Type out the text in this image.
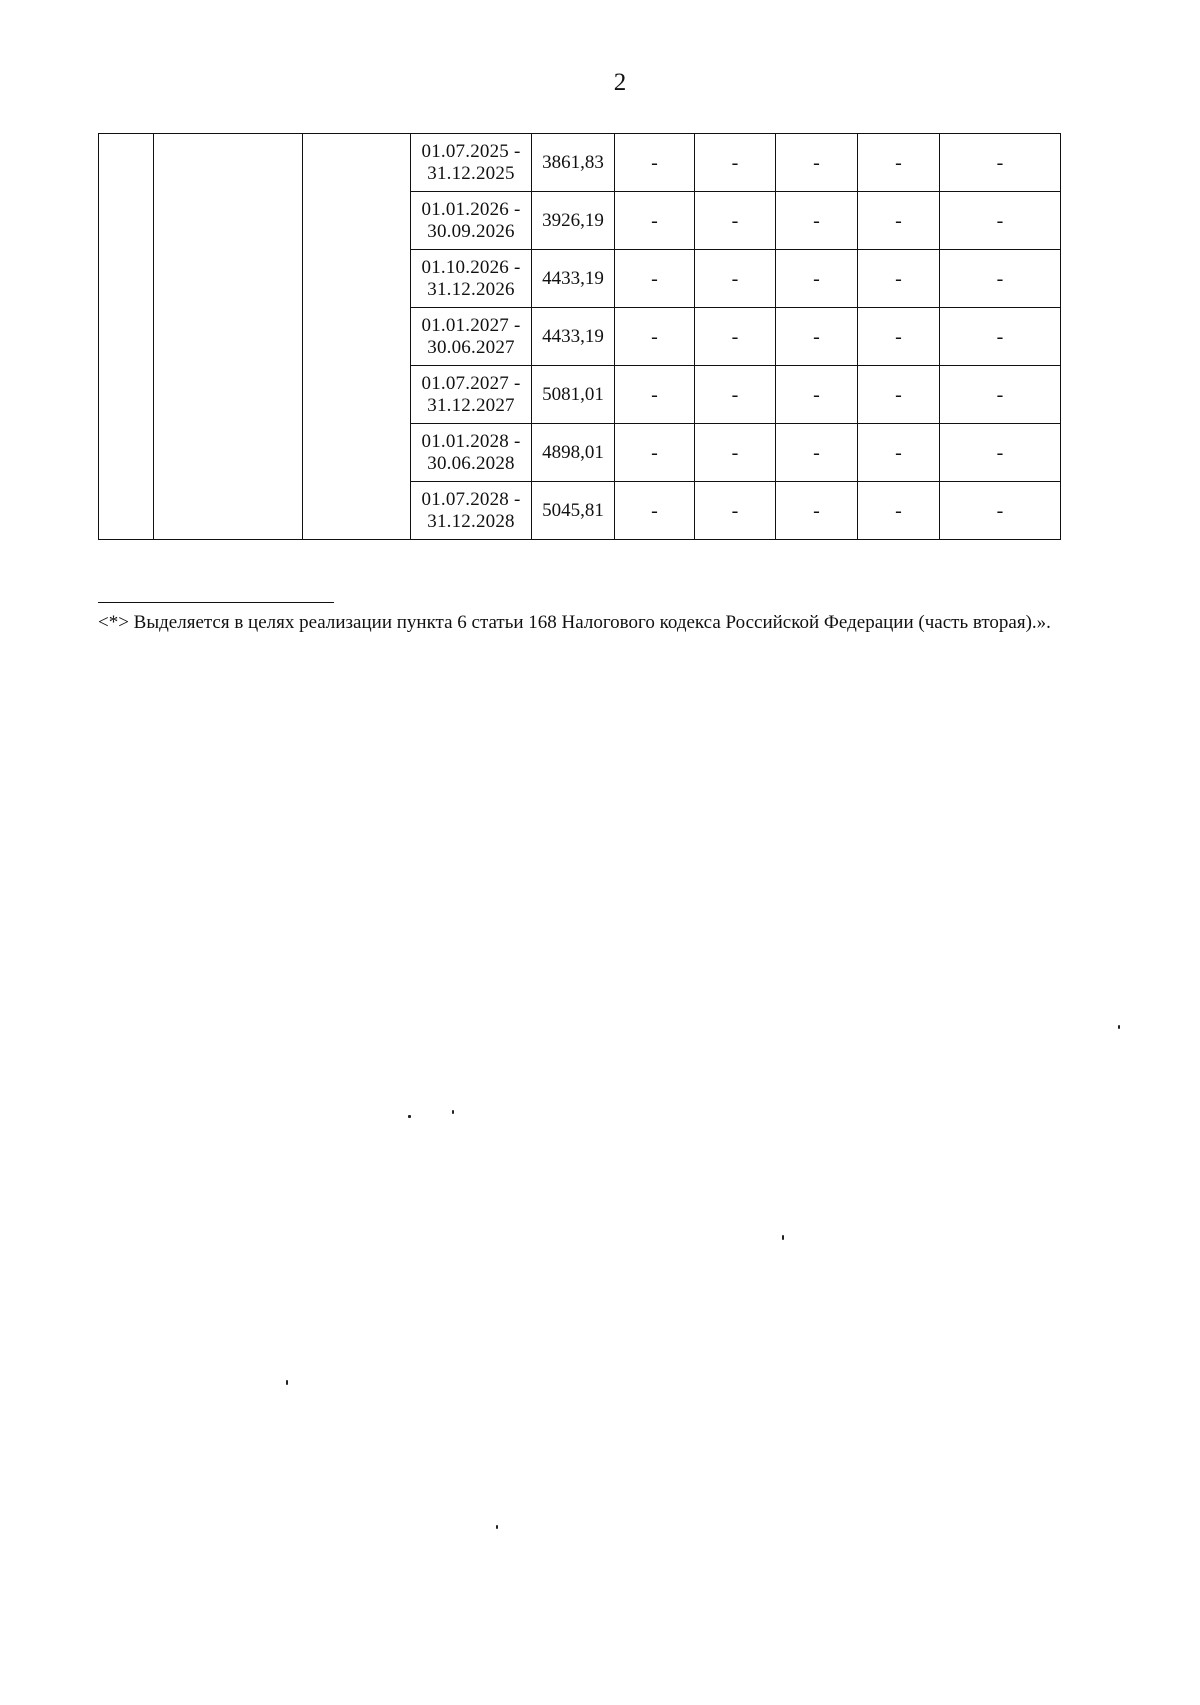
2

			01.07.2025 -
31.12.2025	3861,83	-	-	-	-	-

			01.01.2026 -
30.09.2026	3926,19	-	-	-	-	-

			01.10.2026 -
31.12.2026	4433,19	-	-	-	-	-

			01.01.2027 -
30.06.2027	4433,19	-	-	-	-	-

			01.07.2027 -
31.12.2027	5081,01	-	-	-	-	-

			01.01.2028 -
30.06.2028	4898,01	-	-	-	-	-

			01.07.2028 -
31.12.2028	5045,81	-	-	-	-	-
<*> Выделяется в целях реализации пункта 6 статьи 168 Налогового кодекса Российской Федерации (часть вторая).».
